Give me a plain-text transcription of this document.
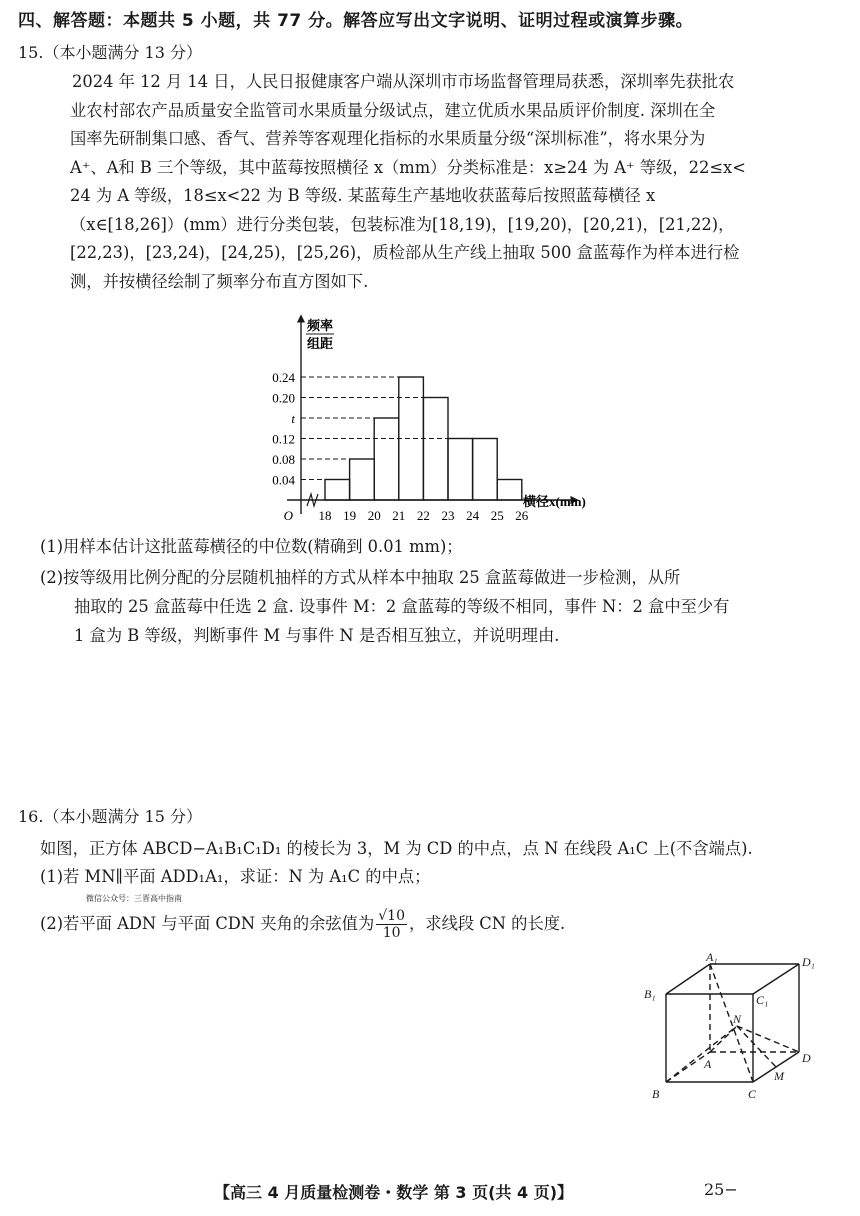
四、解答题：本题共 5 小题，共 77 分。解答应写出文字说明、证明过程或演算步骤。
15.（本小题满分 13 分）
2024 年 12 月 14 日，人民日报健康客户端从深圳市市场监督管理局获悉，深圳率先获批农
业农村部农产品质量安全监管司水果质量分级试点，建立优质水果品质评价制度. 深圳在全
国率先研制集口感、香气、营养等客观理化指标的水果质量分级“深圳标准”，将水果分为
A⁺、A和 B 三个等级，其中蓝莓按照横径 x（mm）分类标准是：x≥24 为 A⁺ 等级，22≤x<
24 为 A 等级，18≤x<22 为 B 等级. 某蓝莓生产基地收获蓝莓后按照蓝莓横径 x
（x∈[18,26]）(mm）进行分类包装，包装标准为[18,19)，[19,20)，[20,21)，[21,22)，
[22,23)，[23,24)，[24,25)，[25,26)，质检部从生产线上抽取 500 盒蓝莓作为样本进行检
测，并按横径绘制了频率分布直方图如下.
0.04
0.08
0.12
t
0.20
0.24
18 19 20 21 22 23 24 25 26
O
频率
组距
横径x(mm)
(1)用样本估计这批蓝莓横径的中位数(精确到 0.01 mm)；
(2)按等级用比例分配的分层随机抽样的方式从样本中抽取 25 盒蓝莓做进一步检测，从所
抽取的 25 盒蓝莓中任选 2 盒. 设事件 M：2 盒蓝莓的等级不相同，事件 N：2 盒中至少有
1 盒为 B 等级，判断事件 M 与事件 N 是否相互独立，并说明理由.
16.（本小题满分 15 分）
如图，正方体 ABCD−A₁B₁C₁D₁ 的棱长为 3，M 为 CD 的中点，点 N 在线段 A₁C 上(不含端点).
(1)若 MN∥平面 ADD₁A₁，求证：N 为 A₁C 的中点；
微信公众号：三晋高中指南
(2)若平面 ADN 与平面 CDN 夹角的余弦值为 $\frac{√10}{10}$ ，求线段 CN 的长度.
A₁	D₁
B₁	C₁
N
A	D
M
B	C
【高三 4 月质量检测卷・数学 第 3 页(共 4 页)】	25−
